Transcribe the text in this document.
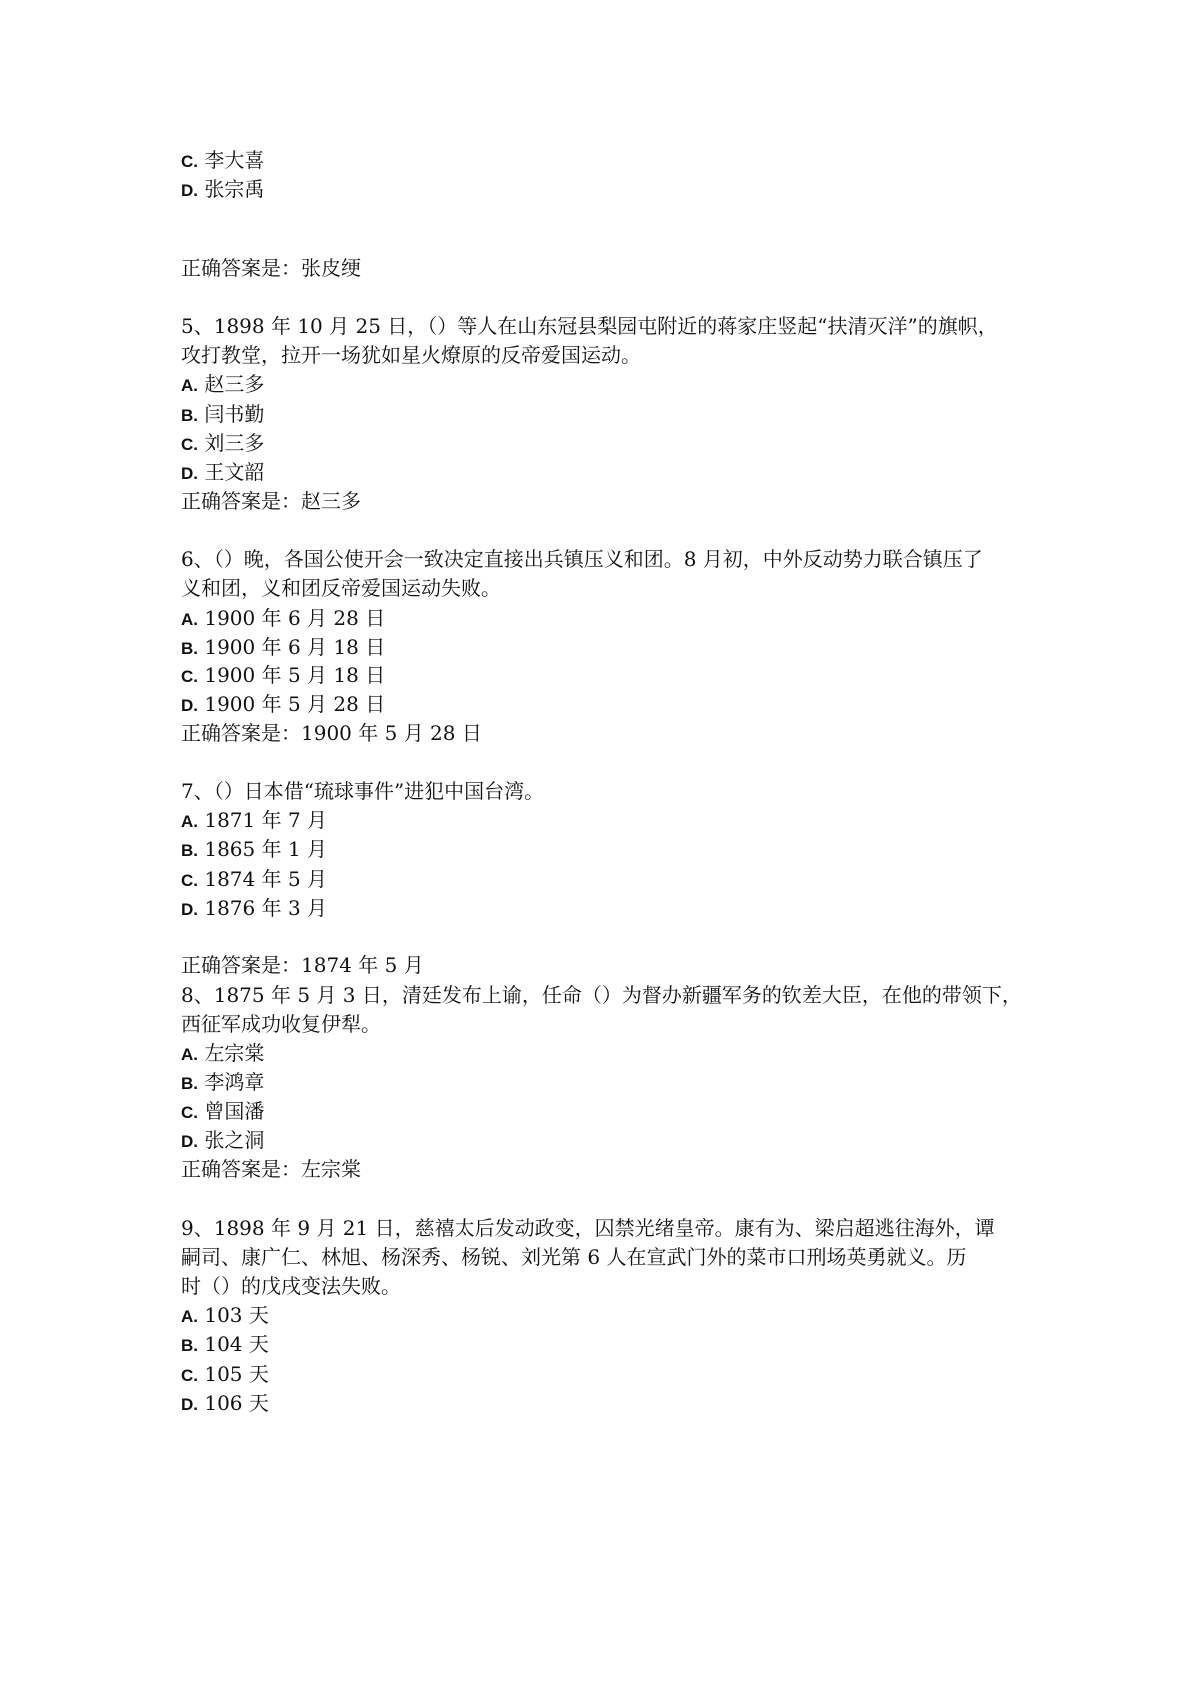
C. 李大喜
D. 张宗禹
正确答案是：张皮绠
5、1898 年 10 月 25 日，（）等人在山东冠县梨园屯附近的蒋家庄竖起“扶清灭洋”的旗帜，
攻打教堂，拉开一场犹如星火燎原的反帝爱国运动。
A. 赵三多
B. 闫书勤
C. 刘三多
D. 王文韶
正确答案是：赵三多
6、（）晚，各国公使开会一致决定直接出兵镇压义和团。8 月初，中外反动势力联合镇压了
义和团，义和团反帝爱国运动失败。
A. 1900 年 6 月 28 日
B. 1900 年 6 月 18 日
C. 1900 年 5 月 18 日
D. 1900 年 5 月 28 日
正确答案是：1900 年 5 月 28 日
7、（）日本借“琉球事件”进犯中国台湾。
A. 1871 年 7 月
B. 1865 年 1 月
C. 1874 年 5 月
D. 1876 年 3 月
正确答案是：1874 年 5 月
8、1875 年 5 月 3 日，清廷发布上谕，任命（）为督办新疆军务的钦差大臣，在他的带领下，
西征军成功收复伊犁。
A. 左宗棠
B. 李鸿章
C. 曾国潘
D. 张之洞
正确答案是：左宗棠
9、1898 年 9 月 21 日，慈禧太后发动政变，囚禁光绪皇帝。康有为、梁启超逃往海外，谭
嗣司、康广仁、林旭、杨深秀、杨锐、刘光第 6 人在宣武门外的菜市口刑场英勇就义。历
时（）的戊戌变法失败。
A. 103 天
B. 104 天
C. 105 天
D. 106 天
